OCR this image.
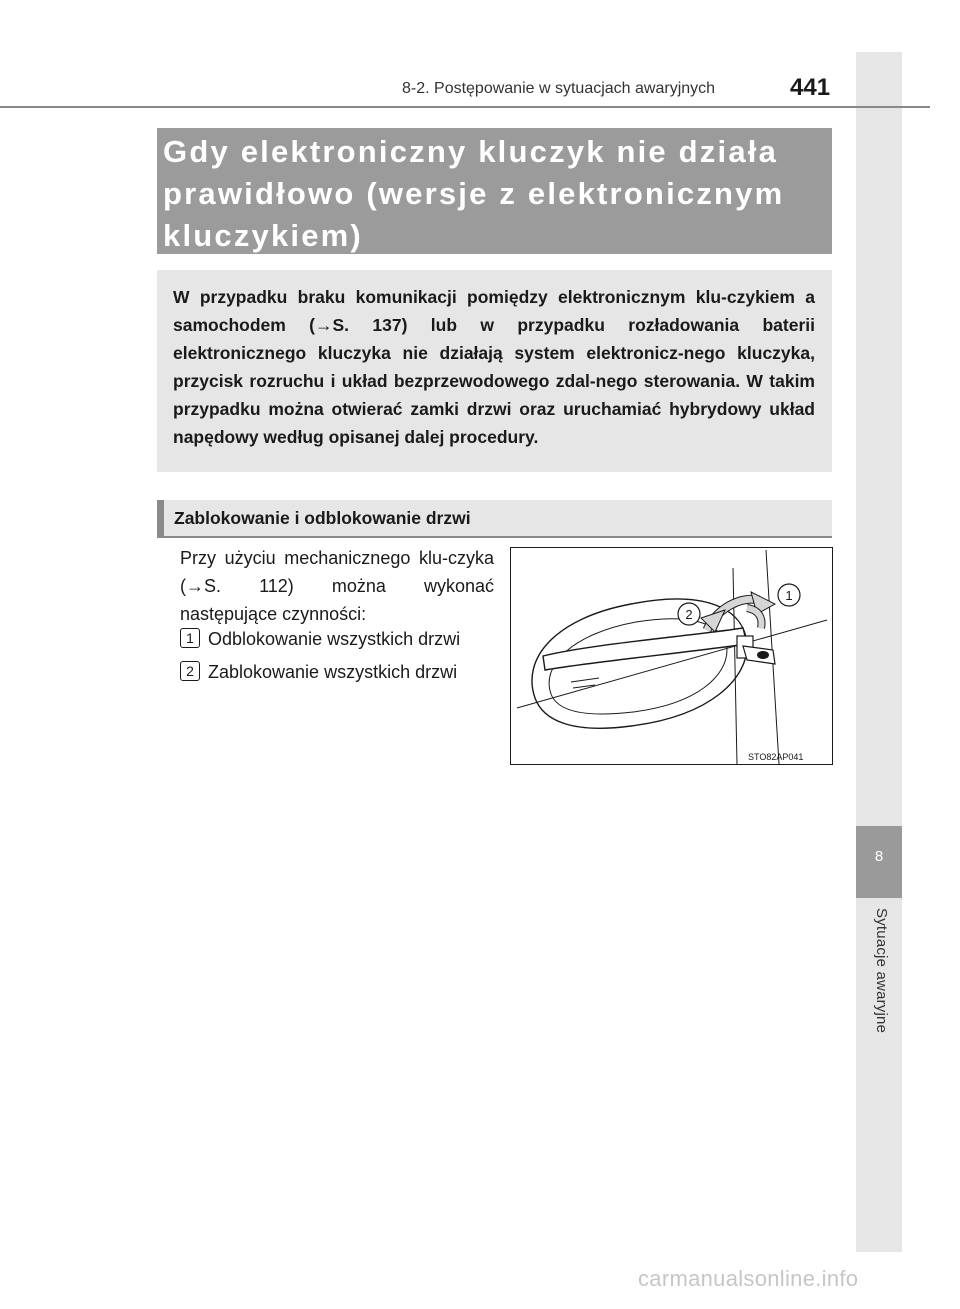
8
Sytuacje awaryjne
8-2. Postępowanie w sytuacjach awaryjnych	441
Gdy elektroniczny kluczyk nie działa prawidłowo (wersje z elektronicznym kluczykiem)
W przypadku braku komunikacji pomiędzy elektronicznym klu-czykiem a samochodem (→S. 137) lub w przypadku rozładowania baterii elektronicznego kluczyka nie działają system elektronicz-nego kluczyka, przycisk rozruchu i układ bezprzewodowego zdal-nego sterowania. W takim przypadku można otwierać zamki drzwi oraz uruchamiać hybrydowy układ napędowy według opisanej dalej procedury.
Zablokowanie i odblokowanie drzwi
Przy użyciu mechanicznego klu-czyka (→S. 112) można wykonać następujące czynności:
1 Odblokowanie wszystkich drzwi
2 Zablokowanie wszystkich drzwi
1
2
STO82AP041
carmanualsonline.info
